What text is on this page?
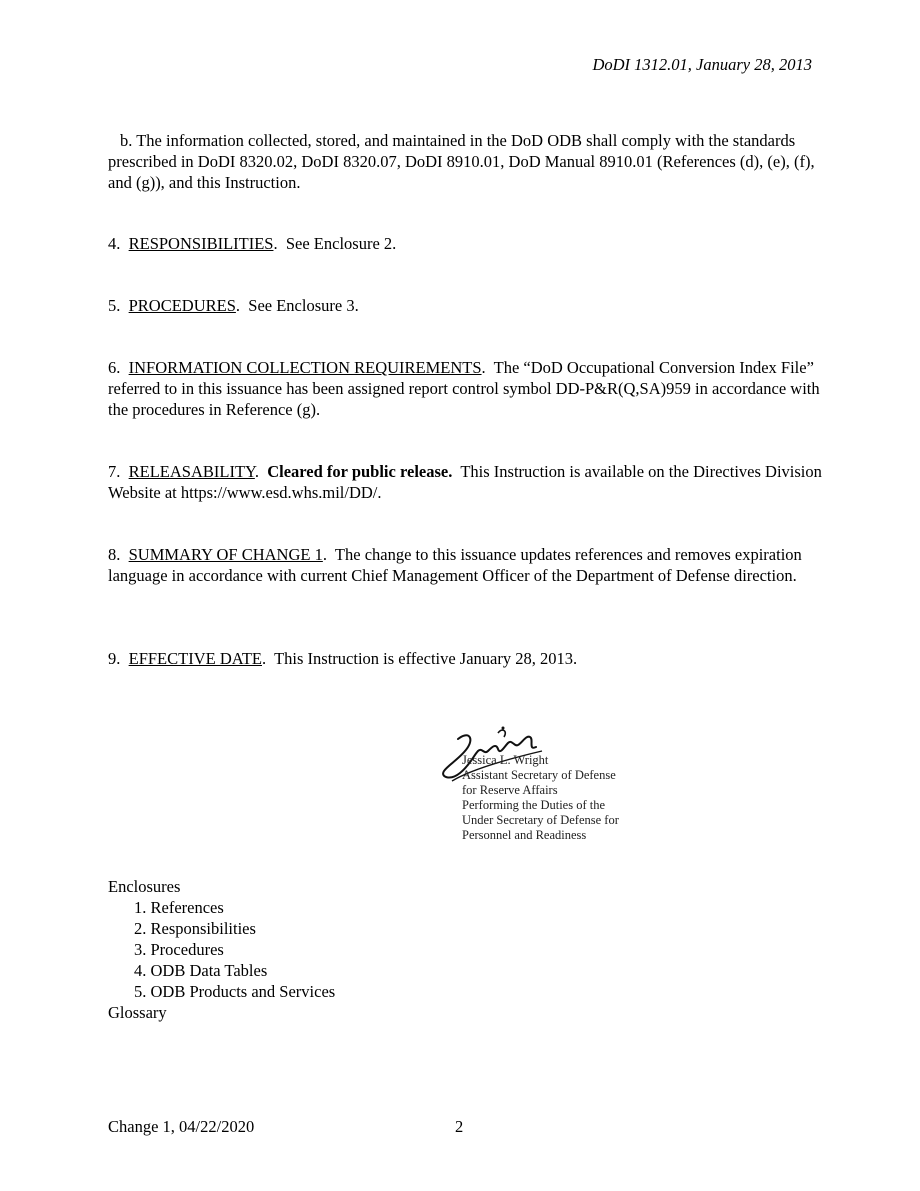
DoDI 1312.01, January 28, 2013
b. The information collected, stored, and maintained in the DoD ODB shall comply with the standards prescribed in DoDI 8320.02, DoDI 8320.07, DoDI 8910.01, DoD Manual 8910.01 (References (d), (e), (f), and (g)), and this Instruction.
4. RESPONSIBILITIES.  See Enclosure 2.
5. PROCEDURES.  See Enclosure 3.
6. INFORMATION COLLECTION REQUIREMENTS.  The “DoD Occupational Conversion Index File” referred to in this issuance has been assigned report control symbol DD-P&R(Q,SA)959 in accordance with the procedures in Reference (g).
7. RELEASABILITY.  Cleared for public release. This Instruction is available on the Directives Division Website at https://www.esd.whs.mil/DD/.
8. SUMMARY OF CHANGE 1.  The change to this issuance updates references and removes expiration language in accordance with current Chief Management Officer of the Department of Defense direction.
9. EFFECTIVE DATE.  This Instruction is effective January 28, 2013.
Jessica L. Wright
Assistant Secretary of Defense
for Reserve Affairs
Performing the Duties of the
Under Secretary of Defense for
Personnel and Readiness
Enclosures
1. References
2. Responsibilities
3. Procedures
4. ODB Data Tables
5. ODB Products and Services
Glossary
Change 1, 04/22/2020	2
